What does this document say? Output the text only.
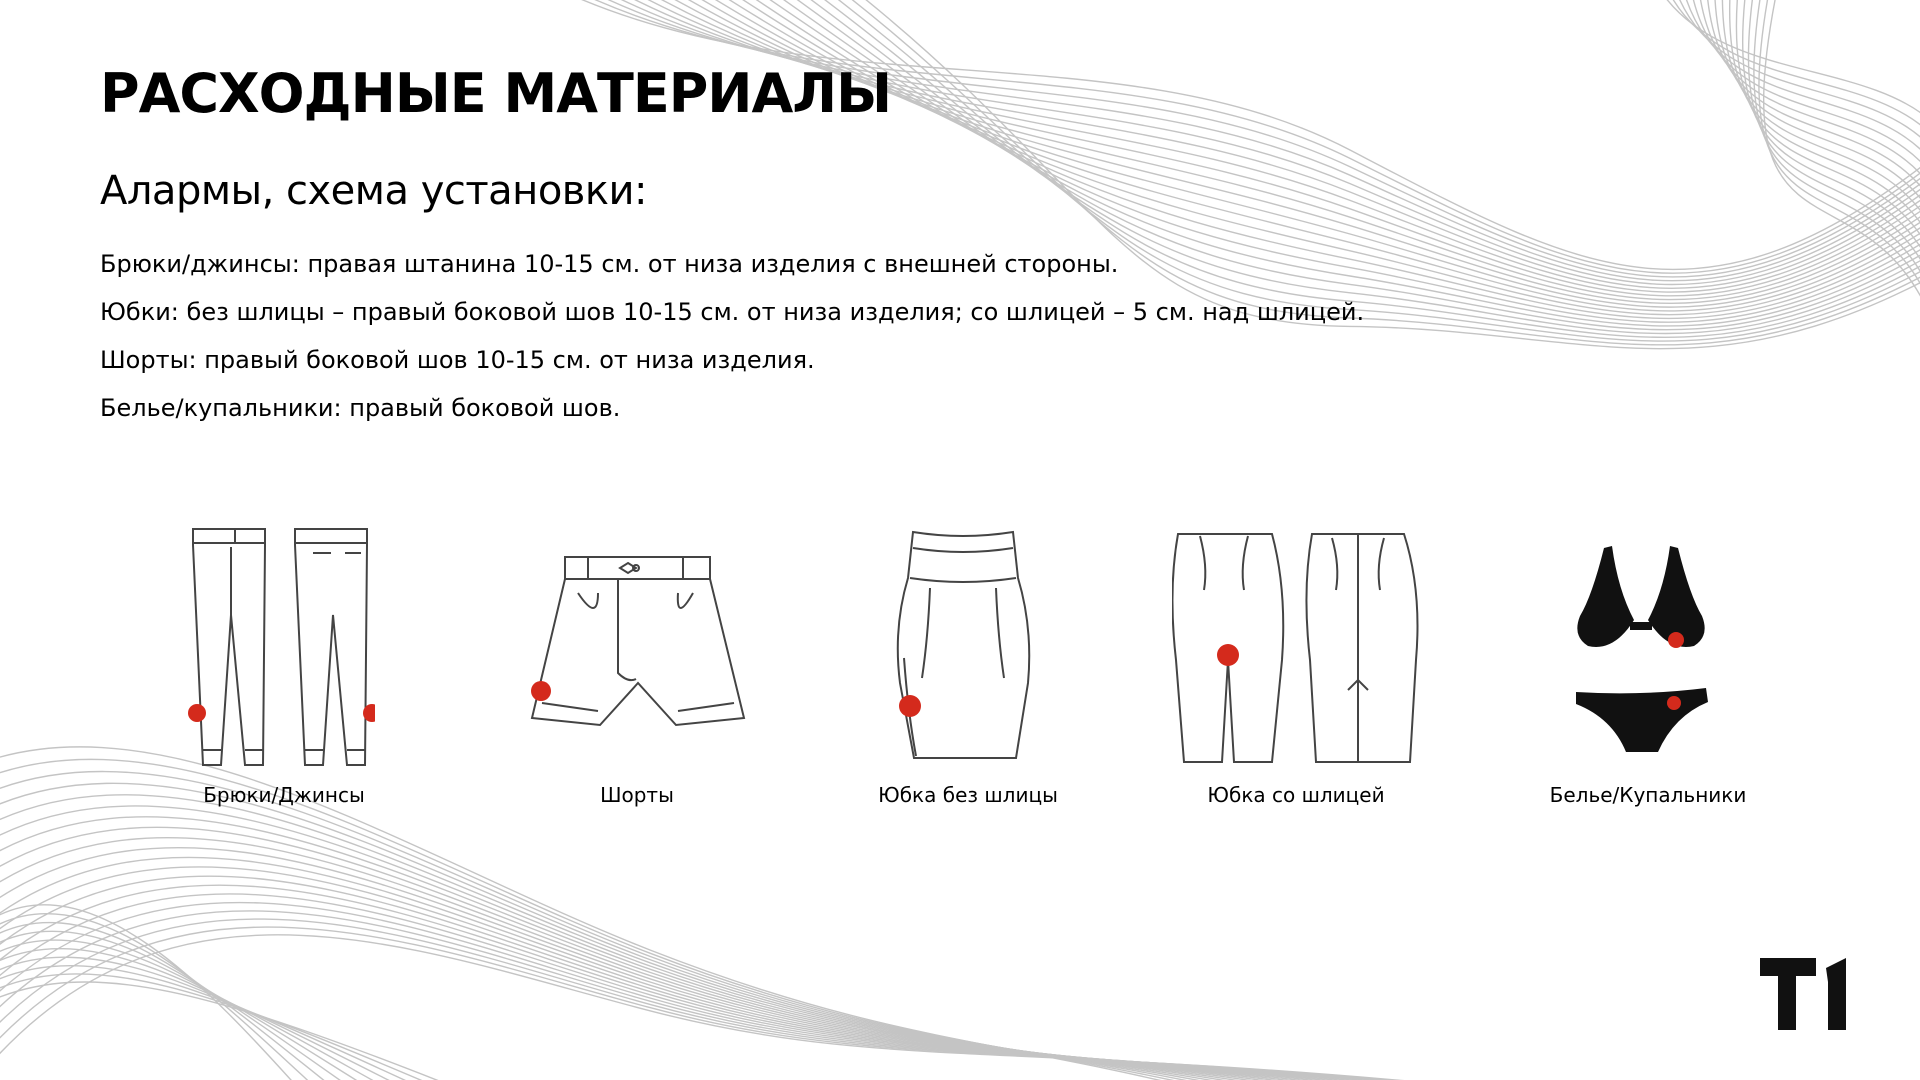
РАСХОДНЫЕ МАТЕРИАЛЫ
Алармы, схема установки:
Брюки/джинсы: правая штанина 10-15 см. от низа изделия с внешней стороны.
Юбки: без шлицы – правый боковой шов 10-15 см. от низа изделия; со шлицей – 5 см. над шлицей.
Шорты: правый боковой шов 10-15 см. от низа изделия.
Белье/купальники: правый боковой шов.
Брюки/Джинсы	Шорты	Юбка без шлицы	Юбка со шлицей	Белье/Купальники
